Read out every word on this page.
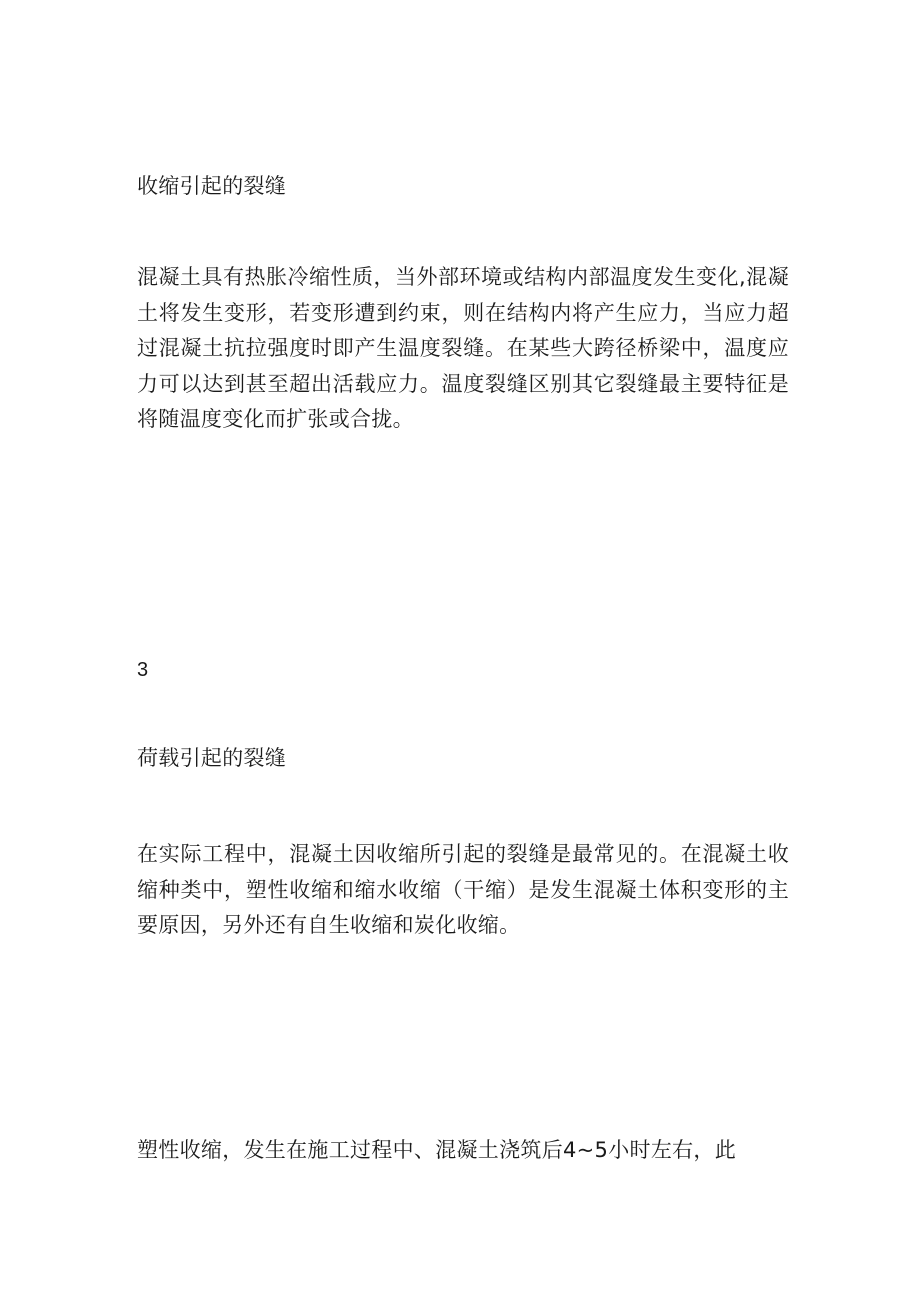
收缩引起的裂缝

混凝土具有热胀冷缩性质，当外部环境或结构内部温度发生变化,混凝土将发生变形，若变形遭到约束，则在结构内将产生应力，当应力超过混凝土抗拉强度时即产生温度裂缝。在某些大跨径桥梁中，温度应力可以达到甚至超出活载应力。温度裂缝区别其它裂缝最主要特征是将随温度变化而扩张或合拢。

3

荷载引起的裂缝

在实际工程中，混凝土因收缩所引起的裂缝是最常见的。在混凝土收缩种类中，塑性收缩和缩水收缩（干缩）是发生混凝土体积变形的主要原因，另外还有自生收缩和炭化收缩。

塑性收缩，发生在施工过程中、混凝土浇筑后4~5小时左右，此
